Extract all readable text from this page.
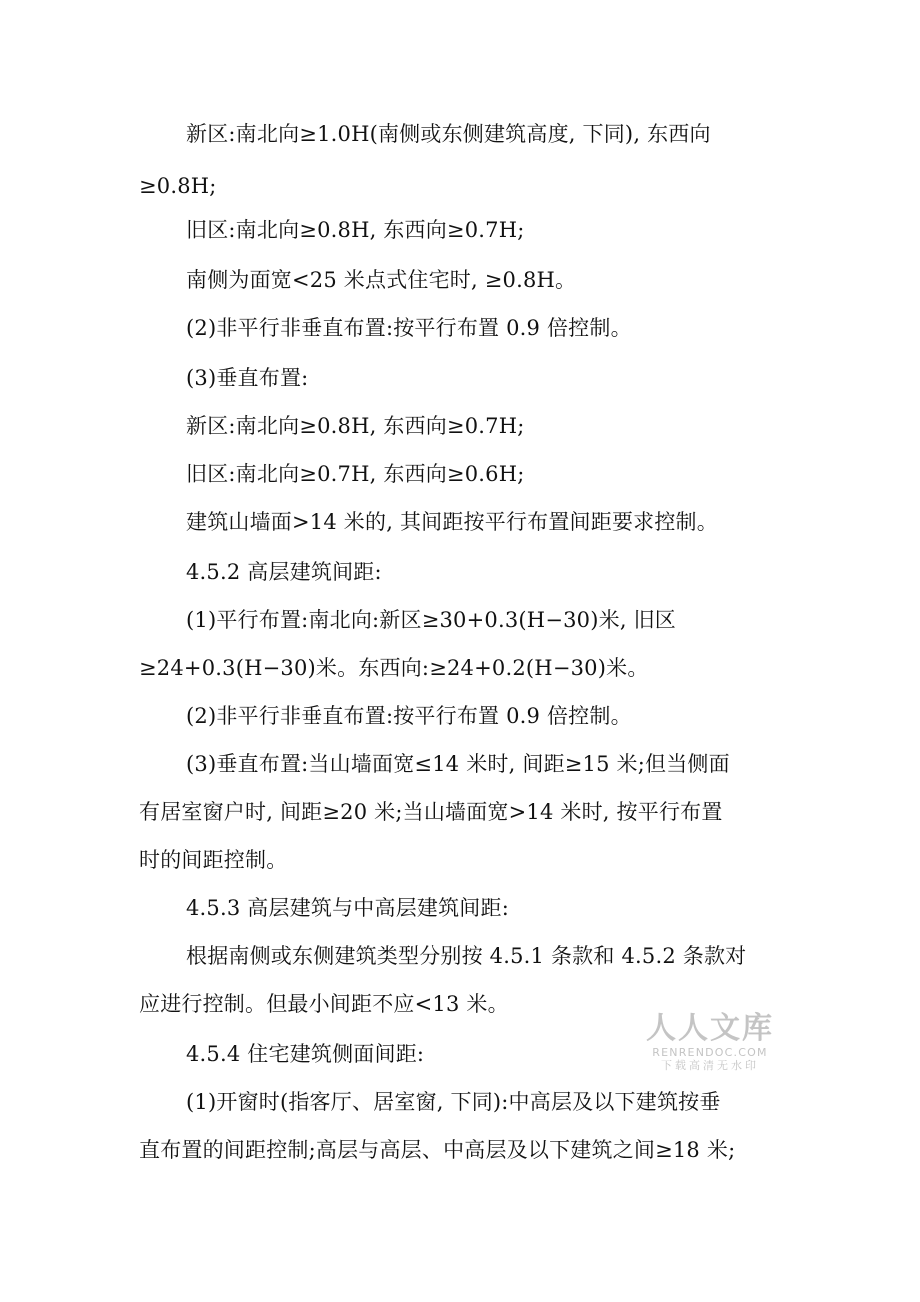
新区:南北向≥1.0H(南侧或东侧建筑高度, 下同), 东西向
≥0.8H;
旧区:南北向≥0.8H, 东西向≥0.7H;
南侧为面宽<25 米点式住宅时, ≥0.8H。
(2)非平行非垂直布置:按平行布置 0.9 倍控制。
(3)垂直布置:
新区:南北向≥0.8H, 东西向≥0.7H;
旧区:南北向≥0.7H, 东西向≥0.6H;
建筑山墙面>14 米的, 其间距按平行布置间距要求控制。
4.5.2 高层建筑间距:
(1)平行布置:南北向:新区≥30+0.3(H−30)米, 旧区
≥24+0.3(H−30)米。东西向:≥24+0.2(H−30)米。
(2)非平行非垂直布置:按平行布置 0.9 倍控制。
(3)垂直布置:当山墙面宽≤14 米时, 间距≥15 米;但当侧面
有居室窗户时, 间距≥20 米;当山墙面宽>14 米时, 按平行布置
时的间距控制。
4.5.3 高层建筑与中高层建筑间距:
根据南侧或东侧建筑类型分别按 4.5.1 条款和 4.5.2 条款对
应进行控制。但最小间距不应<13 米。
4.5.4 住宅建筑侧面间距:
(1)开窗时(指客厅、居室窗, 下同):中高层及以下建筑按垂
直布置的间距控制;高层与高层、中高层及以下建筑之间≥18 米;
人人文库
RENRENDOC.COM
下载高清无水印
